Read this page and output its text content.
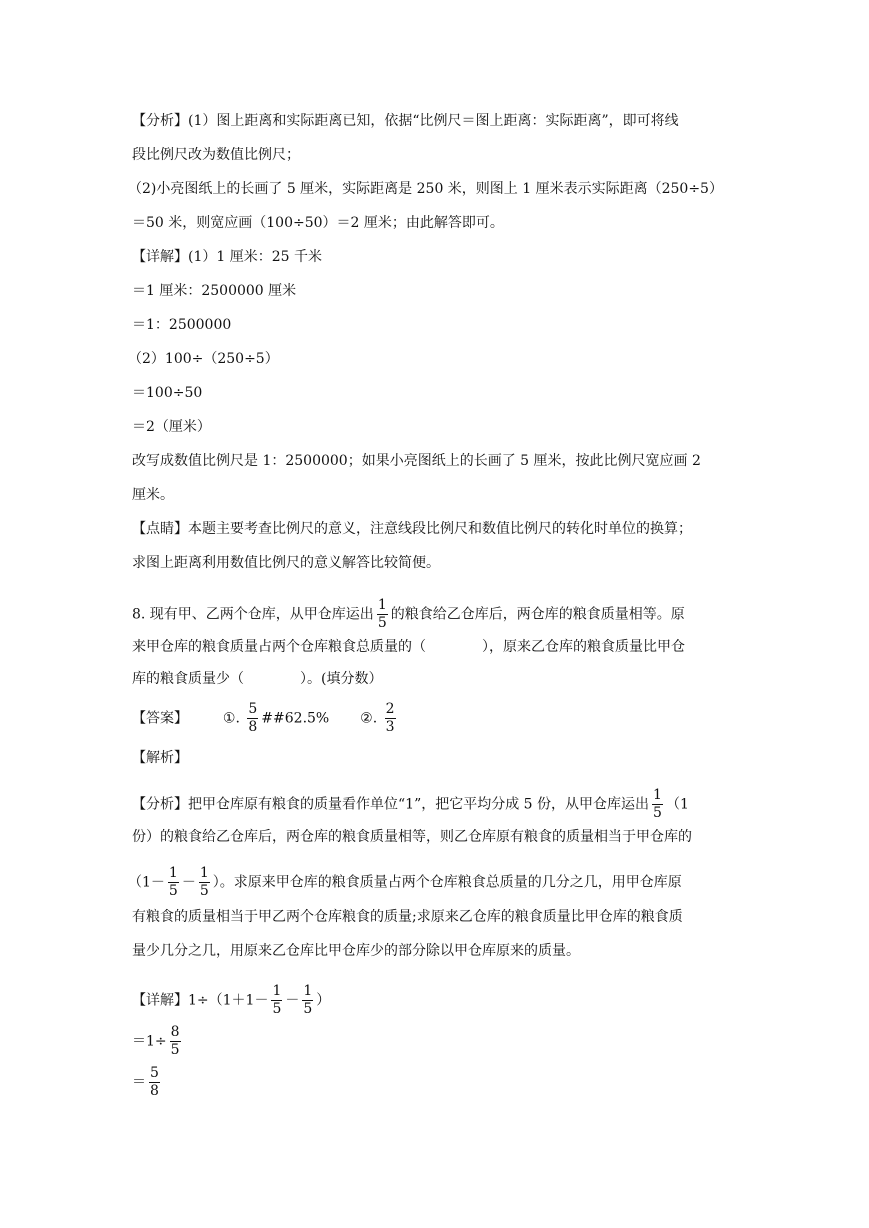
【分析】(1）图上距离和实际距离已知，依据“比例尺＝图上距离：实际距离”，即可将线
段比例尺改为数值比例尺；
（2)小亮图纸上的长画了 5 厘米，实际距离是 250 米，则图上 1 厘米表示实际距离（250÷5）
＝50 米，则宽应画（100÷50）＝2 厘米；由此解答即可。
【详解】(1）1 厘米：25 千米
＝1 厘米：2500000 厘米
＝1：2500000
（2）100÷（250÷5）
＝100÷50
＝2（厘米）
改写成数值比例尺是 1：2500000；如果小亮图纸上的长画了 5 厘米，按此比例尺宽应画 2
厘米。
【点睛】本题主要考查比例尺的意义，注意线段比例尺和数值比例尺的转化时单位的换算；
求图上距离利用数值比例尺的意义解答比较简便。
8. 现有甲、乙两个仓库，从甲仓库运出 $\frac{1}{5}$ 的粮食给乙仓库后，两仓库的粮食质量相等。原
来甲仓库的粮食质量占两个仓库粮食总质量的（　　　　），原来乙仓库的粮食质量比甲仓
库的粮食质量少（　　　　）。(填分数）
【答案】 ①. $\frac{5}{8}$ ##62.5% ②. $\frac{2}{3}$
【解析】
【分析】把甲仓库原有粮食的质量看作单位“1”，把它平均分成 5 份，从甲仓库运出 $\frac{1}{5} (1$
份）的粮食给乙仓库后，两仓库的粮食质量相等，则乙仓库原有粮食的质量相当于甲仓库的
（$1- \frac{1}{5} - \frac{1}{5}$ ）。求原来甲仓库的粮食质量占两个仓库粮食总质量的几分之几，用甲仓库原
有粮食的质量相当于甲乙两个仓库粮食的质量;求原来乙仓库的粮食质量比甲仓库的粮食质
量少几分之几，用原来乙仓库比甲仓库少的部分除以甲仓库原来的质量。
【详解】$1\div(1+1- \frac{1}{5} - \frac{1}{5}$ ）
$=1\div \frac{8}{5}$
＝ $\frac{5}{8}$
